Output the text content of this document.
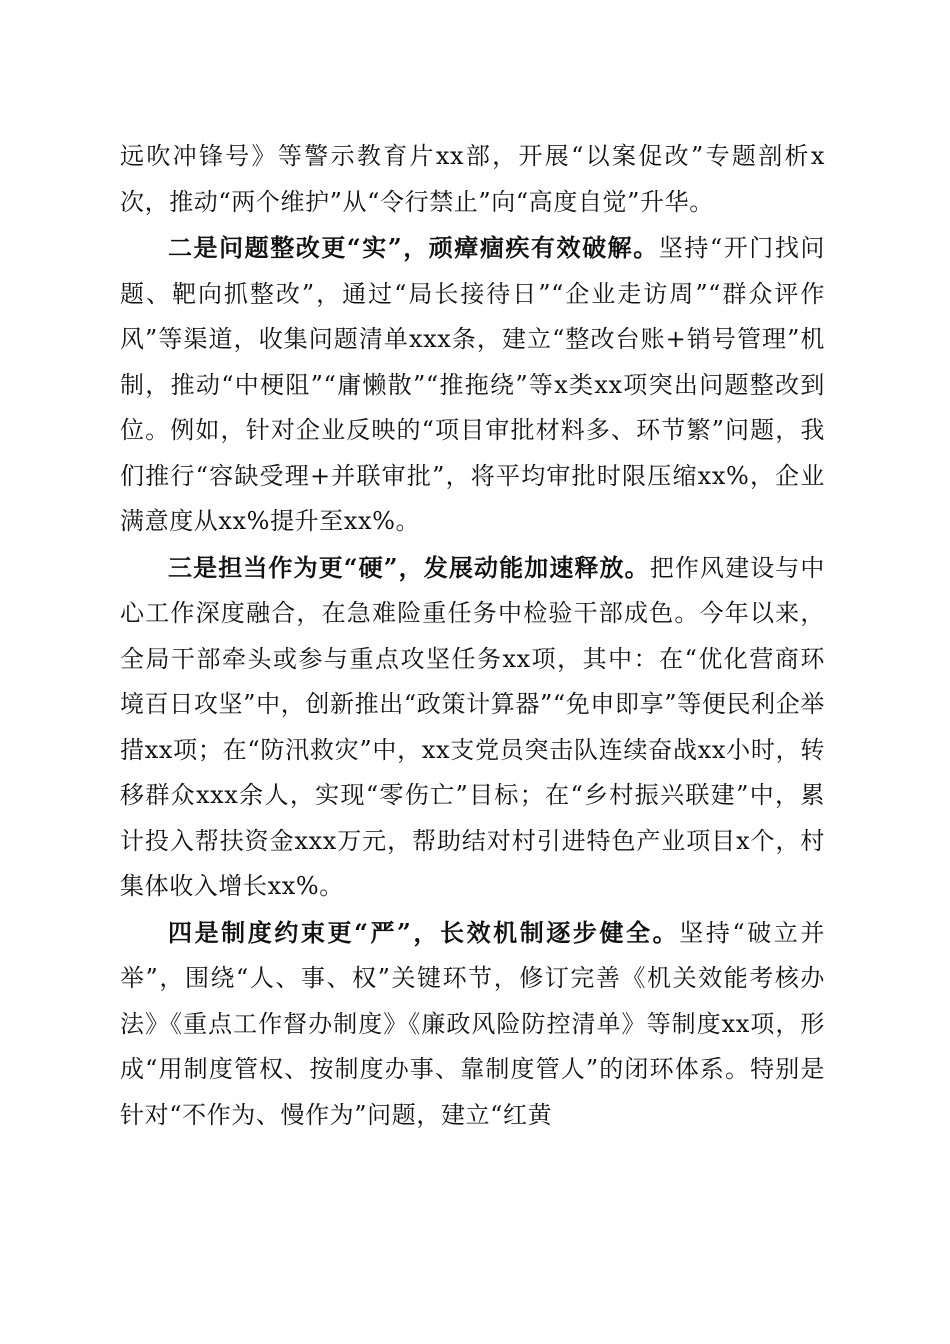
远吹冲锋号》等警示教育片xx部，开展“以案促改”专题剖析x次，推动“两个维护”从“令行禁止”向“高度自觉”升华。

二是问题整改更“实”，顽瘴痼疾有效破解。坚持“开门找问题、靶向抓整改”，通过“局长接待日”“企业走访周”“群众评作风”等渠道，收集问题清单xxx条，建立“整改台账+销号管理”机制，推动“中梗阻”“庸懒散”“推拖绕”等x类xx项突出问题整改到位。例如，针对企业反映的“项目审批材料多、环节繁”问题，我们推行“容缺受理+并联审批”，将平均审批时限压缩xx%，企业满意度从xx%提升至xx%。

三是担当作为更“硬”，发展动能加速释放。把作风建设与中心工作深度融合，在急难险重任务中检验干部成色。今年以来，全局干部牵头或参与重点攻坚任务xx项，其中：在“优化营商环境百日攻坚”中，创新推出“政策计算器”“免申即享”等便民利企举措xx项；在“防汛救灾”中，xx支党员突击队连续奋战xx小时，转移群众xxx余人，实现“零伤亡”目标；在“乡村振兴联建”中，累计投入帮扶资金xxx万元，帮助结对村引进特色产业项目x个，村集体收入增长xx%。

四是制度约束更“严”，长效机制逐步健全。坚持“破立并举”，围绕“人、事、权”关键环节，修订完善《机关效能考核办法》《重点工作督办制度》《廉政风险防控清单》等制度xx项，形成“用制度管权、按制度办事、靠制度管人”的闭环体系。特别是针对“不作为、慢作为”问题，建立“红黄
